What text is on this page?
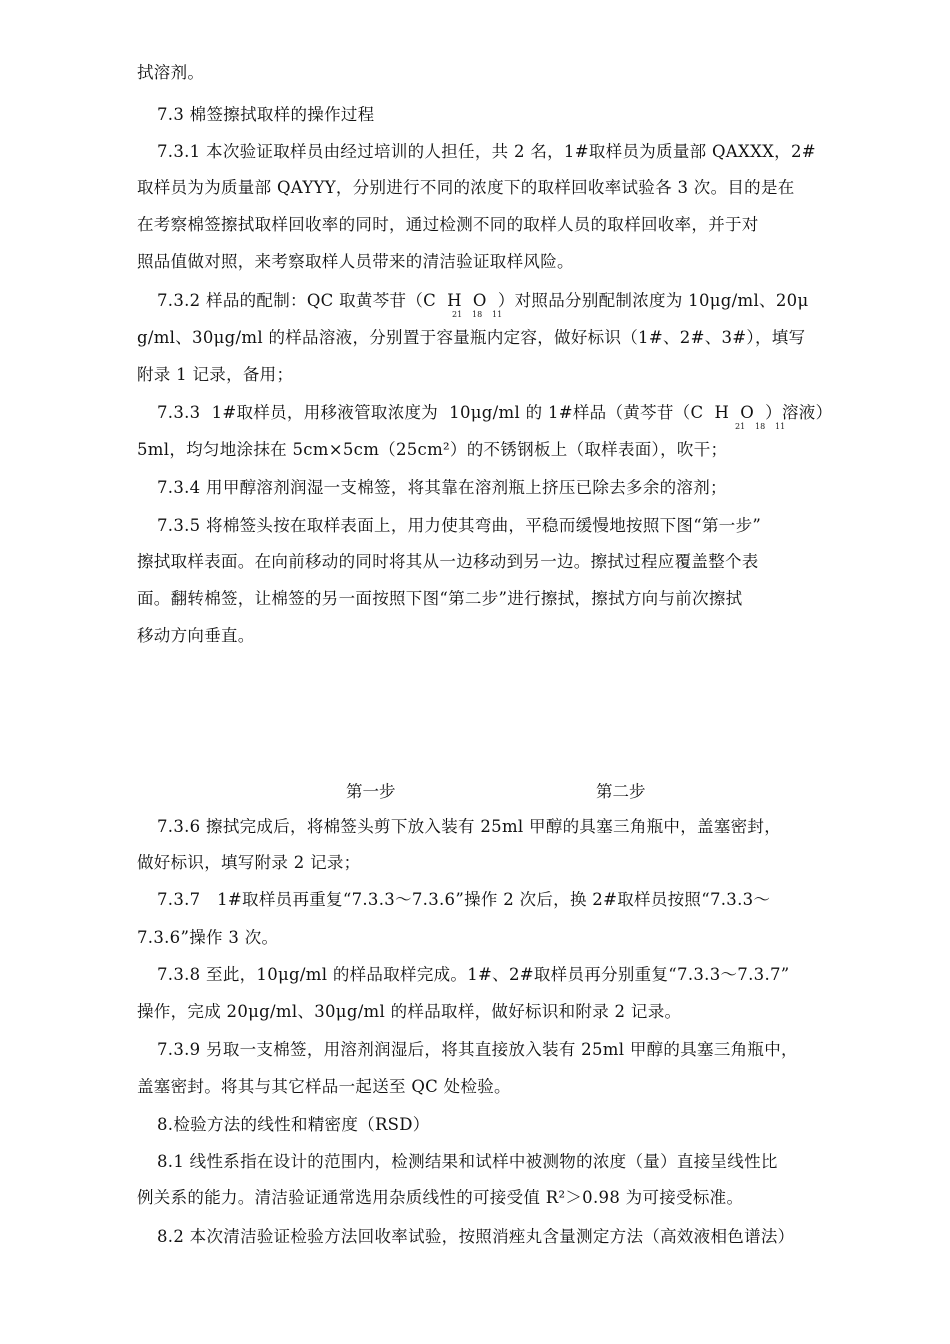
拭溶剂。
7.3 棉签擦拭取样的操作过程
7.3.1 本次验证取样员由经过培训的人担任，共 2 名，1#取样员为质量部 QAXXX，2#
取样员为为质量部 QAYYY，分别进行不同的浓度下的取样回收率试验各 3 次。目的是在
在考察棉签擦拭取样回收率的同时，通过检测不同的取样人员的取样回收率，并于对
照品值做对照，来考察取样人员带来的清洁验证取样风险。
7.3.2 样品的配制：QC 取黄芩苷（C  H  O  ）对照品分别配制浓度为 10μg/ml、20μ
21 18 11
g/ml、30μg/ml 的样品溶液，分别置于容量瓶内定容，做好标识（1#、2#、3#），填写
附录 1 记录，备用；
7.3.3  1#取样员，用移液管取浓度为  10μg/ml 的 1#样品（黄芩苷（C  H  O  ）溶液）
21 18 11
5ml，均匀地涂抹在 5cm×5cm（25cm²）的不锈钢板上（取样表面），吹干；
7.3.4 用甲醇溶剂润湿一支棉签，将其靠在溶剂瓶上挤压已除去多余的溶剂；
7.3.5 将棉签头按在取样表面上，用力使其弯曲，平稳而缓慢地按照下图“第一步”
擦拭取样表面。在向前移动的同时将其从一边移动到另一边。擦拭过程应覆盖整个表
面。翻转棉签，让棉签的另一面按照下图“第二步”进行擦拭，擦拭方向与前次擦拭
移动方向垂直。
第一步	第二步
7.3.6 擦拭完成后，将棉签头剪下放入装有 25ml 甲醇的具塞三角瓶中，盖塞密封，
做好标识，填写附录 2 记录；
7.3.7   1#取样员再重复“7.3.3～7.3.6”操作 2 次后，换 2#取样员按照“7.3.3～
7.3.6”操作 3 次。
7.3.8 至此，10μg/ml 的样品取样完成。1#、2#取样员再分别重复“7.3.3～7.3.7”
操作，完成 20μg/ml、30μg/ml 的样品取样，做好标识和附录 2 记录。
7.3.9 另取一支棉签，用溶剂润湿后，将其直接放入装有 25ml 甲醇的具塞三角瓶中，
盖塞密封。将其与其它样品一起送至 QC 处检验。
8.检验方法的线性和精密度（RSD）
8.1 线性系指在设计的范围内，检测结果和试样中被测物的浓度（量）直接呈线性比
例关系的能力。清洁验证通常选用杂质线性的可接受值 R²＞0.98 为可接受标准。
8.2 本次清洁验证检验方法回收率试验，按照消痤丸含量测定方法（高效液相色谱法）
